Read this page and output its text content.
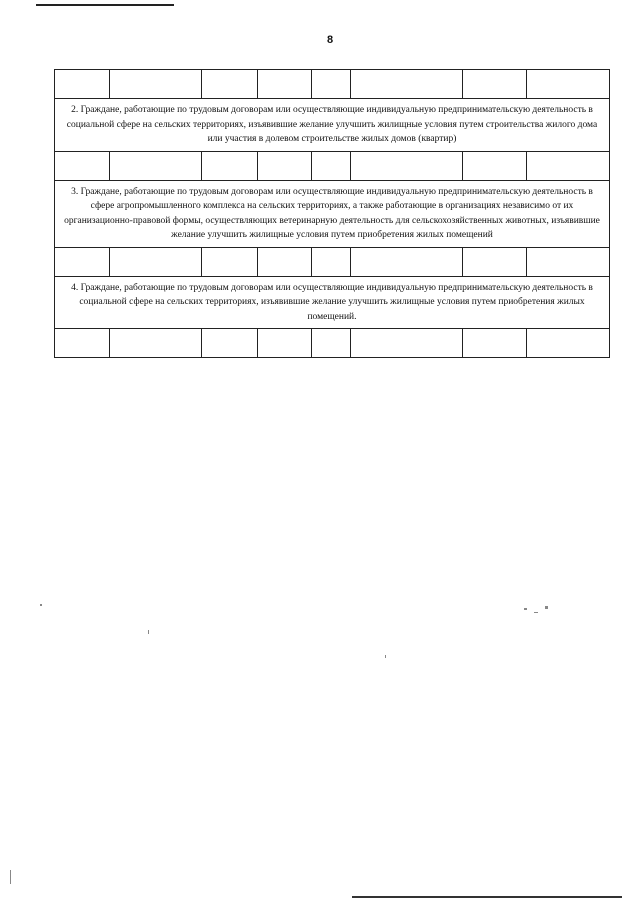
8

2. Граждане, работающие по трудовым договорам или осуществляющие индивидуальную предпринимательскую деятельность в социальной сфере на сельских территориях, изъявившие желание улучшить жилищные условия путем строительства жилого дома или участия в долевом строительстве жилых домов (квартир)							

3. Граждане, работающие по трудовым договорам или осуществляющие индивидуальную предпринимательскую деятельность в сфере агропромышленного комплекса на сельских территориях, а также работающие в организациях независимо от их организационно-правовой формы, осуществляющих ветеринарную деятельность для сельскохозяйственных животных, изъявившие желание улучшить жилищные условия путем приобретения жилых помещений							

4. Граждане, работающие по трудовым договорам или осуществляющие индивидуальную предпринимательскую деятельность в социальной сфере на сельских территориях, изъявившие желание улучшить жилищные условия путем приобретения жилых помещений.							
